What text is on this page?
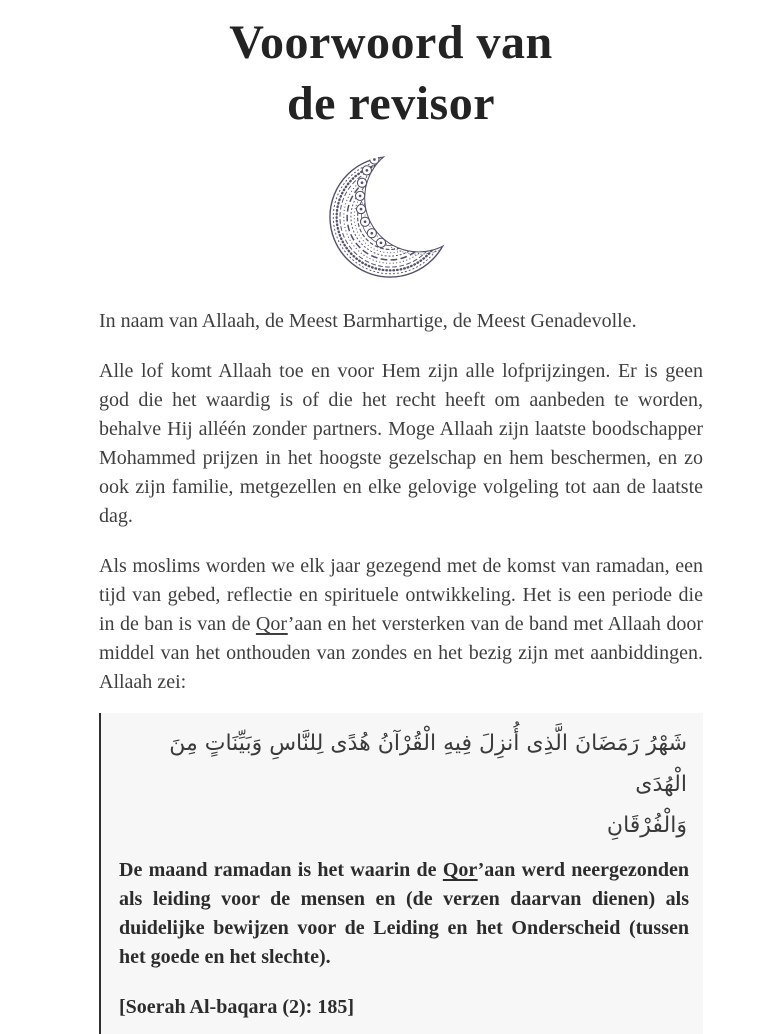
Voorwoord van
de revisor

In naam van Allaah, de Meest Barmhartige, de Meest Genadevolle.

Alle lof komt Allaah toe en voor Hem zijn alle lofprijzingen. Er is geen god die het waardig is of die het recht heeft om aanbeden te worden, behalve Hij alléén zonder partners. Moge Allaah zijn laatste boodschapper Mohammed prijzen in het hoogste gezelschap en hem beschermen, en zo ook zijn familie, metgezellen en elke gelovige volgeling tot aan de laatste dag.

Als moslims worden we elk jaar gezegend met de komst van ramadan, een tijd van gebed, reflectie en spirituele ontwikkeling. Het is een periode die in de ban is van de Qor’aan en het versterken van de band met Allaah door middel van het onthouden van zondes en het bezig zijn met aanbiddingen. Allaah zei:

شَهْرُ رَمَضَانَ الَّذِى أُنزِلَ فِيهِ الْقُرْآنُ هُدًى لِلنَّاسِ وَبَيِّنَاتٍ مِنَ الْهُدَى
وَالْفُرْقَانِ

De maand ramadan is het waarin de Qor’aan werd neergezonden als leiding voor de mensen en (de verzen daarvan dienen) als duidelijke bewijzen voor de Leiding en het Onderscheid (tussen het goede en het slechte).

[Soerah Al-baqara (2): 185]
